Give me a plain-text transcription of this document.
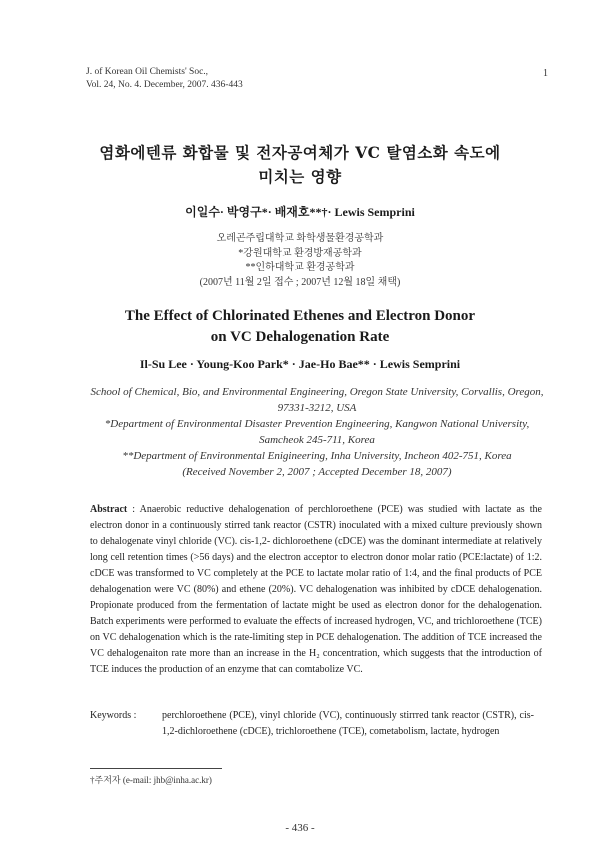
J. of Korean Oil Chemists' Soc.,
Vol. 24, No. 4. December, 2007. 436-443
1
염화에텐류 화합물 및 전자공여체가 VC 탈염소화 속도에
미치는 영향
이일수· 박영구*· 배재호**†· Lewis Semprini
오레곤주립대학교 화학생물환경공학과
*강원대학교 환경방재공학과
**인하대학교 환경공학과
(2007년 11월 2일 접수 ; 2007년 12월 18일 채택)
The Effect of Chlorinated Ethenes and Electron Donor
on VC Dehalogenation Rate
Il-Su Lee · Young-Koo Park* · Jae-Ho Bae** · Lewis Semprini
School of Chemical, Bio, and Environmental Engineering, Oregon State University, Corvallis, Oregon, 97331-3212, USA
*Department of Environmental Disaster Prevention Engineering, Kangwon National University, Samcheok 245-711, Korea
**Department of Environmental Enigineering, Inha University, Incheon 402-751, Korea
(Received November 2, 2007 ; Accepted December 18, 2007)
Abstract : Anaerobic reductive dehalogenation of perchloroethene (PCE) was studied with lactate as the electron donor in a continuously stirred tank reactor (CSTR) inoculated with a mixed culture previously shown to dehalogenate vinyl chloride (VC). cis-1,2- dichloroethene (cDCE) was the dominant intermediate at relatively long cell retention times (>56 days) and the electron acceptor to electron donor molar ratio (PCE:lactate) of 1:2. cDCE was transformed to VC completely at the PCE to lactate molar ratio of 1:4, and the final products of PCE dehalogenation were VC (80%) and ethene (20%). VC dehalogenation was inhibited by cDCE dehalogenation. Propionate produced from the fermentation of lactate might be used as electron donor for the dehalogenation. Batch experiments were performed to evaluate the effects of increased hydrogen, VC, and trichloroethene (TCE) on VC dehalogenation which is the rate-limiting step in PCE dehalogenation. The addition of TCE increased the VC dehalogenaiton rate more than an increase in the H₂ concentration, which suggests that the introduction of TCE induces the production of an enzyme that can comtabolize VC.
Keywords :	perchloroethene (PCE), vinyl chloride (VC), continuously stirrred tank reactor (CSTR), cis-1,2-dichloroethene (cDCE), trichloroethene (TCE), cometabolism, lactate, hydrogen
†주저자 (e-mail: jhb@inha.ac.kr)
- 436 -
